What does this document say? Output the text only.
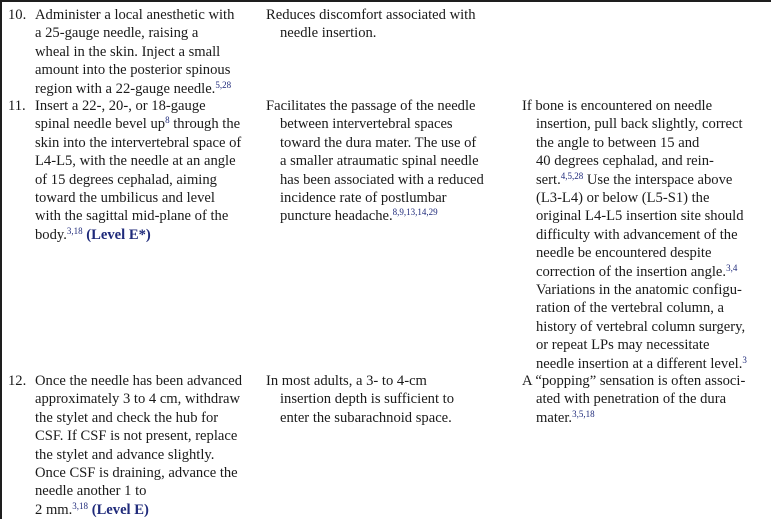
10. Administer a local anesthetic with
a 25-gauge needle, raising a
wheal in the skin. Inject a small
amount into the posterior spinous
region with a 22-gauge needle.$^{5,28}$
Reduces discomfort associated with
needle insertion.
11. Insert a 22-, 20-, or 18-gauge
spinal needle bevel $up^8$ through the
skin into the intervertebral space of
L4-L5, with the needle at an angle
of 15 degrees cephalad, aiming
toward the umbilicus and level
with the sagittal mid-plane of the
body.$^{3,18}$ (Level E*)
Facilitates the passage of the needle
between intervertebral spaces
toward the dura mater. The use of
a smaller atraumatic spinal needle
has been associated with a reduced
incidence rate of postlumbar
puncture headache.$^{8,9,13,14,29}$
If bone is encountered on needle
insertion, pull back slightly, correct
the angle to between 15 and
40 degrees cephalad, and rein-
sert.$^{4,5,28}$ Use the interspace above
(L3-L4) or below (L5-S1) the
original L4-L5 insertion site should
difficulty with advancement of the
needle be encountered despite
correction of the insertion angle.$^{3,4}$
Variations in the anatomic configu-
ration of the vertebral column, a
history of vertebral column surgery,
or repeat LPs may necessitate
needle insertion at a different level.$^3$
12. Once the needle has been advanced
approximately 3 to 4 cm, withdraw
the stylet and check the hub for
CSF. If CSF is not present, replace
the stylet and advance slightly.
Once CSF is draining, advance the
needle another 1 to
2 mm.$^{3,18}$ (Level E)
In most adults, a 3- to 4-cm
insertion depth is sufficient to
enter the subarachnoid space.
A “popping” sensation is often associ-
ated with penetration of the dura
mater.$^{3,5,18}$
